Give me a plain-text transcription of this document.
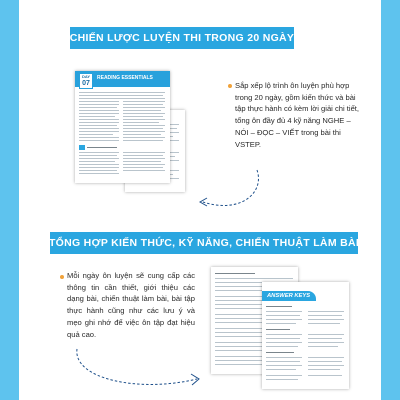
CHIẾN LƯỢC LUYỆN THI TRONG 20 NGÀY
DAY
07
READING ESSENTIALS
Sắp xếp lộ trình ôn luyện phù hợp trong 20 ngày, gồm kiến thức và bài tập thực hành có kèm lời giải chi tiết, tổng ôn đầy đủ 4 kỹ năng NGHE – NÓI – ĐỌC – VIẾT trong bài thi VSTEP.
TỔNG HỢP KIẾN THỨC, KỸ NĂNG, CHIẾN THUẬT LÀM BÀI
Mỗi ngày ôn luyện sẽ cung cấp các thông tin cần thiết, giới thiệu các dạng bài, chiến thuật làm bài, bài tập thực hành cũng như các lưu ý và mẹo ghi nhớ để việc ôn tập đạt hiệu quả cao.
ANSWER KEYS
